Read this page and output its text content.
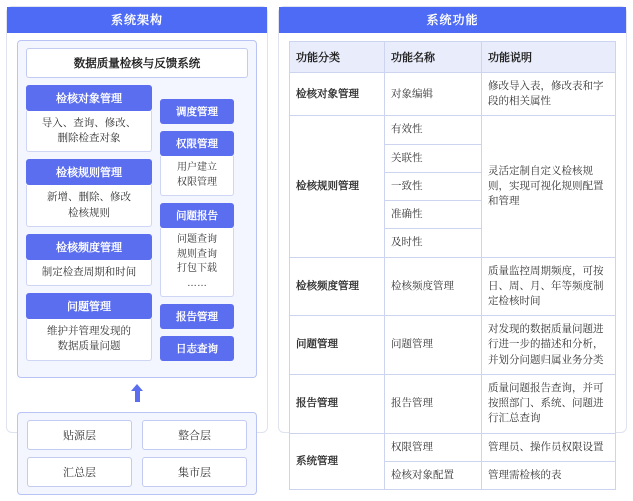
系统架构
数据质量检核与反馈系统
检核对象管理
导入、查询、修改、
删除检查对象
检核规则管理
新增、删除、修改
检核规则
检核频度管理
制定检查周期和时间
问题管理
维护并管理发现的
数据质量问题
调度管理
权限管理
用户建立
权限管理
问题报告
问题查询
规则查询
打包下载
……
报告管理
日志查询
贴源层	整合层
汇总层	集市层
系统功能
功能分类	功能名称	功能说明
检核对象管理	对象编辑	修改导入表，修改表和字段的相关属性
检核规则管理	有效性	灵活定制自定义检核规则，实现可视化规则配置和管理
	关联性	
	一致性	
	准确性	
	及时性	
检核频度管理	检核频度管理	质量监控周期频度，可按日、周、月、年等频度制定检核时间
问题管理	问题管理	对发现的数据质量问题进行进一步的描述和分析，并划分问题归属业务分类
报告管理	报告管理	质量问题报告查询，并可按照部门、系统、问题进行汇总查询
系统管理	权限管理	管理员、操作员权限设置
	检核对象配置	管理需检核的表
